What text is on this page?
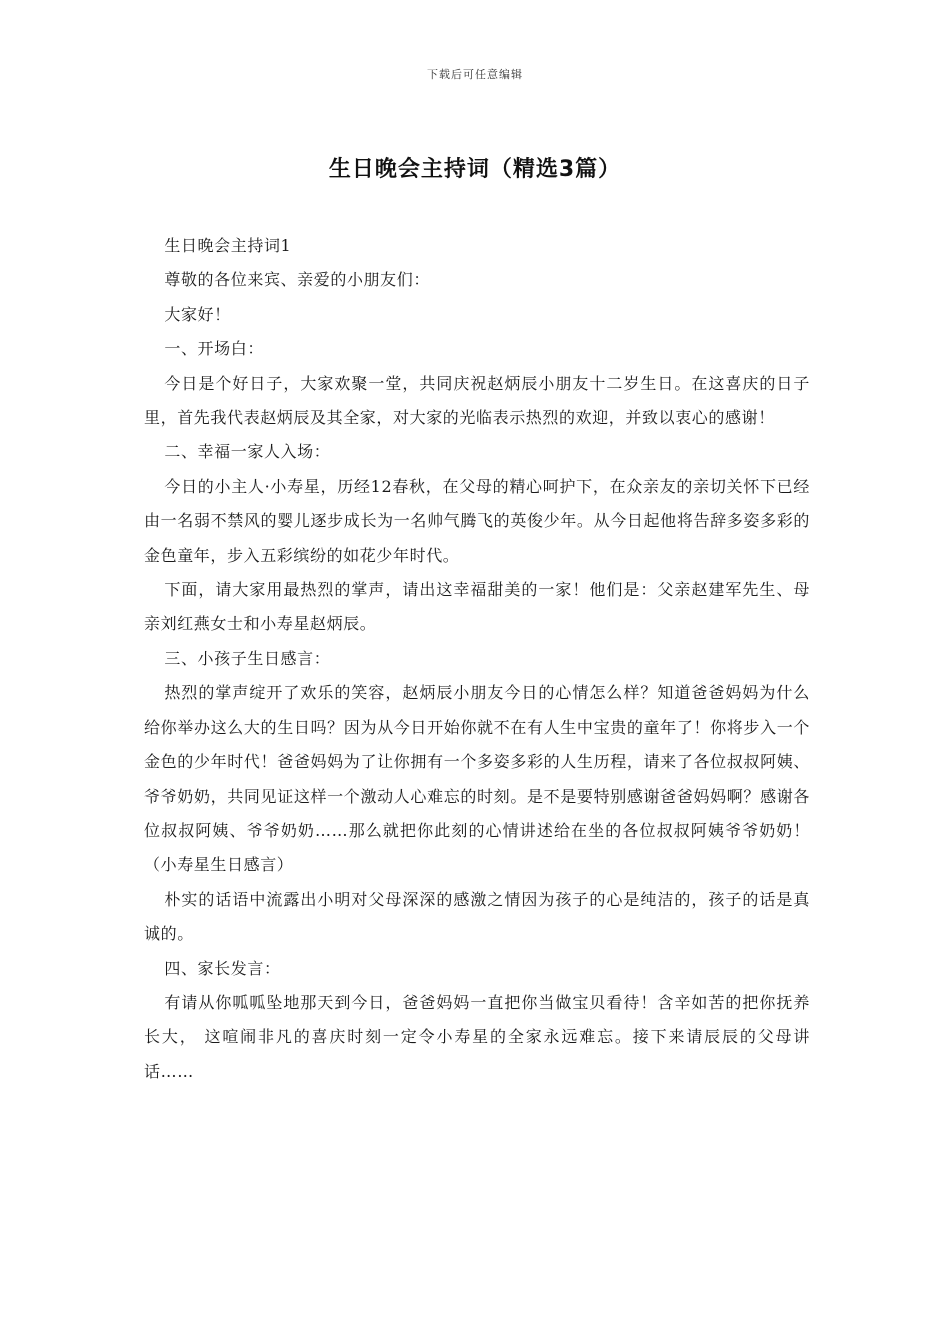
下载后可任意编辑
生日晚会主持词（精选3篇）

生日晚会主持词1

尊敬的各位来宾、亲爱的小朋友们：

大家好！

一、开场白：

今日是个好日子，大家欢聚一堂，共同庆祝赵炳辰小朋友十二岁生日。在这喜庆的日子里，首先我代表赵炳辰及其全家，对大家的光临表示热烈的欢迎，并致以衷心的感谢！

二、幸福一家人入场：

今日的小主人·小寿星，历经12春秋，在父母的精心呵护下，在众亲友的亲切关怀下已经由一名弱不禁风的婴儿逐步成长为一名帅气腾飞的英俊少年。从今日起他将告辞多姿多彩的金色童年，步入五彩缤纷的如花少年时代。

下面，请大家用最热烈的掌声，请出这幸福甜美的一家！他们是：父亲赵建军先生、母亲刘红燕女士和小寿星赵炳辰。

三、小孩子生日感言：

热烈的掌声绽开了欢乐的笑容，赵炳辰小朋友今日的心情怎么样？知道爸爸妈妈为什么给你举办这么大的生日吗？因为从今日开始你就不在有人生中宝贵的童年了！你将步入一个金色的少年时代！爸爸妈妈为了让你拥有一个多姿多彩的人生历程，请来了各位叔叔阿姨、爷爷奶奶，共同见证这样一个激动人心难忘的时刻。是不是要特别感谢爸爸妈妈啊？感谢各位叔叔阿姨、爷爷奶奶……那么就把你此刻的心情讲述给在坐的各位叔叔阿姨爷爷奶奶！（小寿星生日感言）

朴实的话语中流露出小明对父母深深的感激之情因为孩子的心是纯洁的，孩子的话是真诚的。

四、家长发言：

有请从你呱呱坠地那天到今日，爸爸妈妈一直把你当做宝贝看待！含辛如苦的把你抚养长大， 这喧闹非凡的喜庆时刻一定令小寿星的全家永远难忘。接下来请辰辰的父母讲话……
